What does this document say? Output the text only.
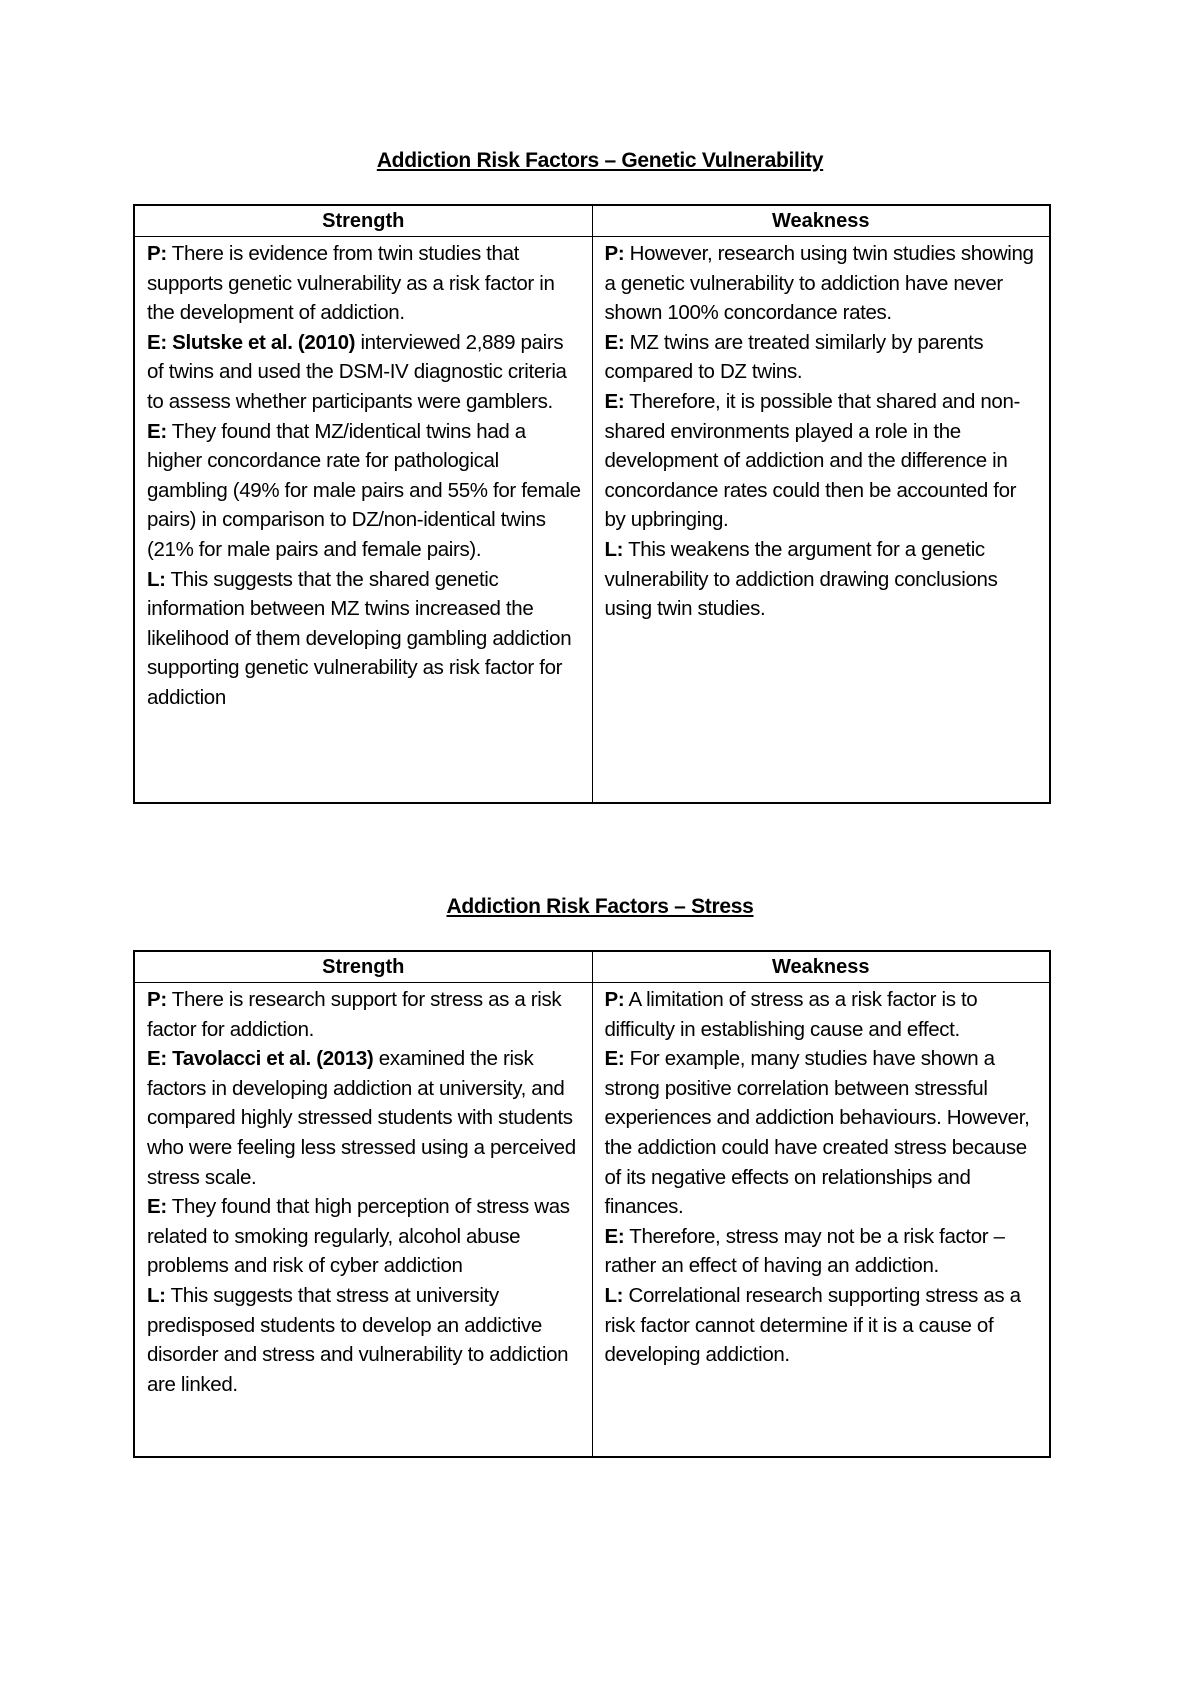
Addiction Risk Factors – Genetic Vulnerability
Strength	Weakness

P: There is evidence from twin studies that supports genetic vulnerability as a risk factor in the development of addiction.

E: Slutske et al. (2010) interviewed 2,889 pairs of twins and used the DSM-IV diagnostic criteria to assess whether participants were gamblers.

E: They found that MZ/identical twins had a higher concordance rate for pathological gambling (49% for male pairs and 55% for female pairs) in comparison to DZ/non-identical twins (21% for male pairs and female pairs).

L: This suggests that the shared genetic information between MZ twins increased the likelihood of them developing gambling addiction supporting genetic vulnerability as risk factor for addiction

P: However, research using twin studies showing a genetic vulnerability to addiction have never shown 100% concordance rates.

E: MZ twins are treated similarly by parents compared to DZ twins.

E: Therefore, it is possible that shared and non-shared environments played a role in the development of addiction and the difference in concordance rates could then be accounted for by upbringing.

L: This weakens the argument for a genetic vulnerability to addiction drawing conclusions using twin studies.

Addiction Risk Factors – Stress
Strength	Weakness

P: There is research support for stress as a risk factor for addiction.

E: Tavolacci et al. (2013) examined the risk factors in developing addiction at university, and compared highly stressed students with students who were feeling less stressed using a perceived stress scale.

E: They found that high perception of stress was related to smoking regularly, alcohol abuse problems and risk of cyber addiction

L: This suggests that stress at university predisposed students to develop an addictive disorder and stress and vulnerability to addiction are linked.

P: A limitation of stress as a risk factor is to difficulty in establishing cause and effect.

E: For example, many studies have shown a strong positive correlation between stressful experiences and addiction behaviours. However, the addiction could have created stress because of its negative effects on relationships and finances.

E: Therefore, stress may not be a risk factor – rather an effect of having an addiction.

L: Correlational research supporting stress as a risk factor cannot determine if it is a cause of developing addiction.
